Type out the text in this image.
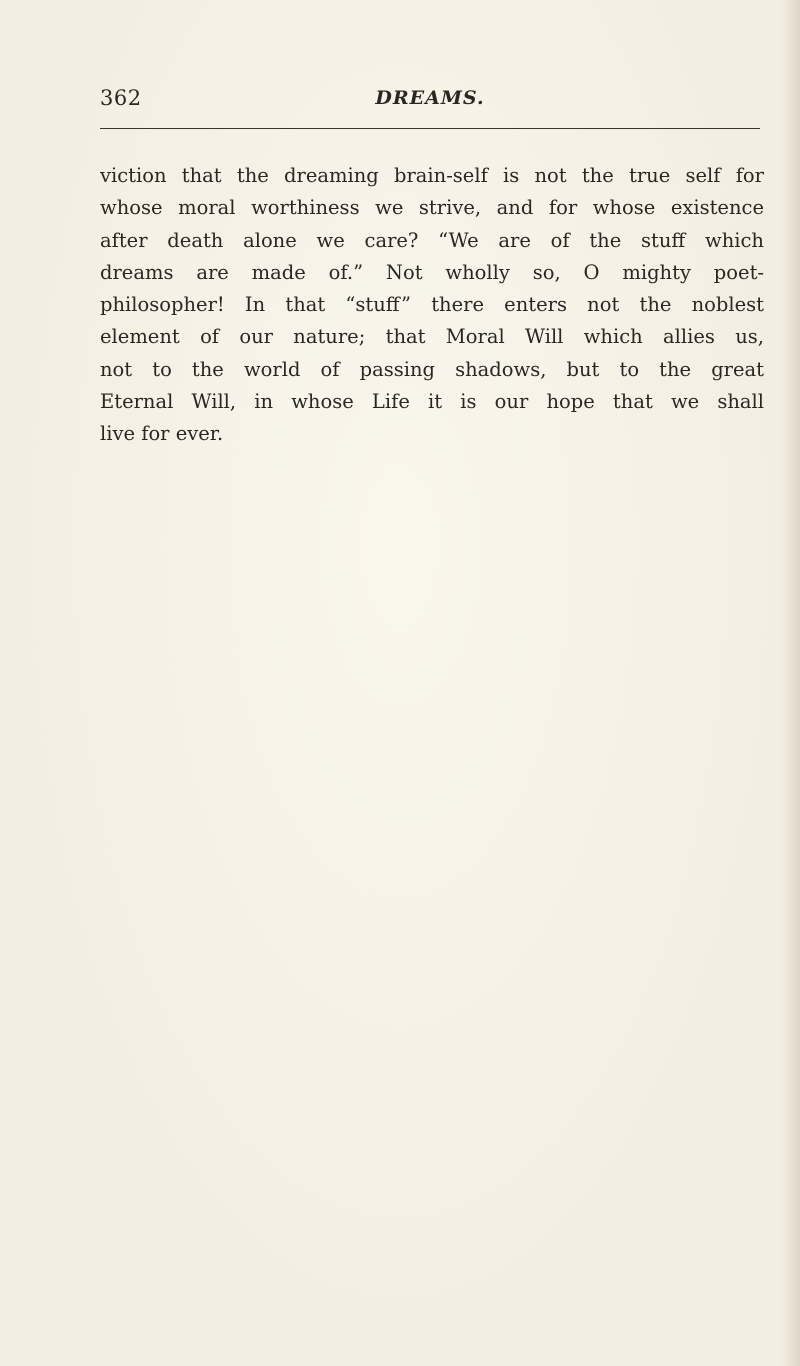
362	DREAMS.
viction that the dreaming brain-self is not the true self for
whose moral worthiness we strive, and for whose existence
after death alone we care? “We are of the stuff which
dreams are made of.” Not wholly so, O mighty poet-
philosopher! In that “stuff” there enters not the noblest
element of our nature; that Moral Will which allies us,
not to the world of passing shadows, but to the great
Eternal Will, in whose Life it is our hope that we shall
live for ever.
